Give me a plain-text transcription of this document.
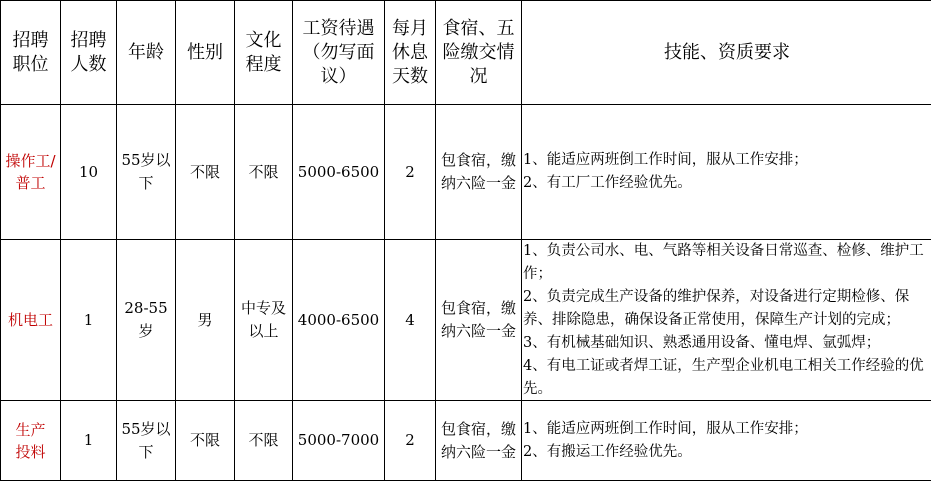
招聘职位	招聘人数	年龄	性别	文化程度	工资待遇（勿写面议）	每月休息天数	食宿、五险缴交情况	技能、资质要求
操作工/普工	10	55岁以下	不限	不限	5000-6500	2	包食宿，缴纳六险一金	1、能适应两班倒工作时间，服从工作安排；
2、有工厂工作经验优先。

机电工	1	28-55岁	男	中专及以上	4000-6500	4	包食宿，缴纳六险一金	1、负责公司水、电、气路等相关设备日常巡查、检修、维护工作；
2、负责完成生产设备的维护保养，对设备进行定期检修、保养、排除隐患，确保设备正常使用，保障生产计划的完成；
3、有机械基础知识、熟悉通用设备、懂电焊、氩弧焊；
4、有电工证或者焊工证，生产型企业机电工相关工作经验的优先。

生产投料	1	55岁以下	不限	不限	5000-7000	2	包食宿，缴纳六险一金	1、能适应两班倒工作时间，服从工作安排；
2、有搬运工作经验优先。
